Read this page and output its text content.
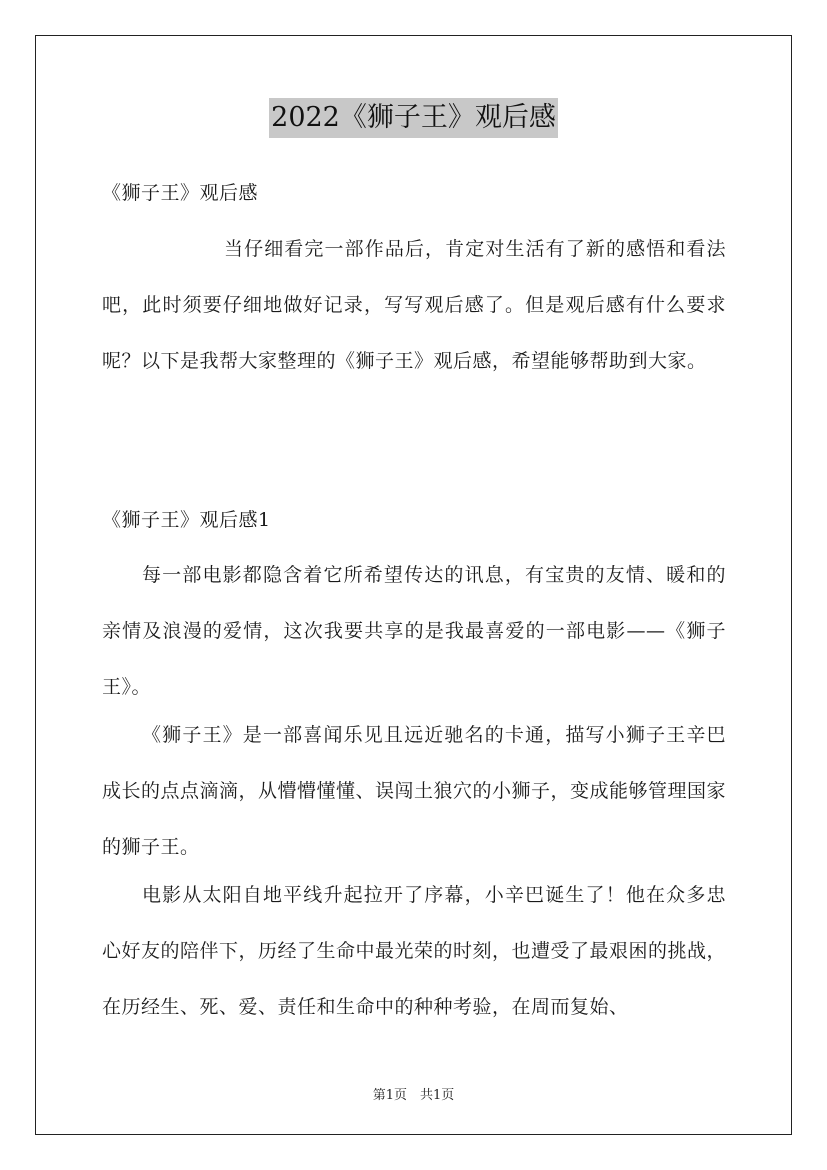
2022《狮子王》观后感
《狮子王》观后感
当仔细看完一部作品后，肯定对生活有了新的感悟和看法吧，此时须要仔细地做好记录，写写观后感了。但是观后感有什么要求呢？以下是我帮大家整理的《狮子王》观后感，希望能够帮助到大家。
《狮子王》观后感1
每一部电影都隐含着它所希望传达的讯息，有宝贵的友情、暖和的亲情及浪漫的爱情，这次我要共享的是我最喜爱的一部电影——《狮子王》。
《狮子王》是一部喜闻乐见且远近驰名的卡通，描写小狮子王辛巴成长的点点滴滴，从懵懵懂懂、误闯土狼穴的小狮子，变成能够管理国家的狮子王。
电影从太阳自地平线升起拉开了序幕，小辛巴诞生了！他在众多忠心好友的陪伴下，历经了生命中最光荣的时刻，也遭受了最艰困的挑战，在历经生、死、爱、责任和生命中的种种考验，在周而复始、
第1页　共1页
